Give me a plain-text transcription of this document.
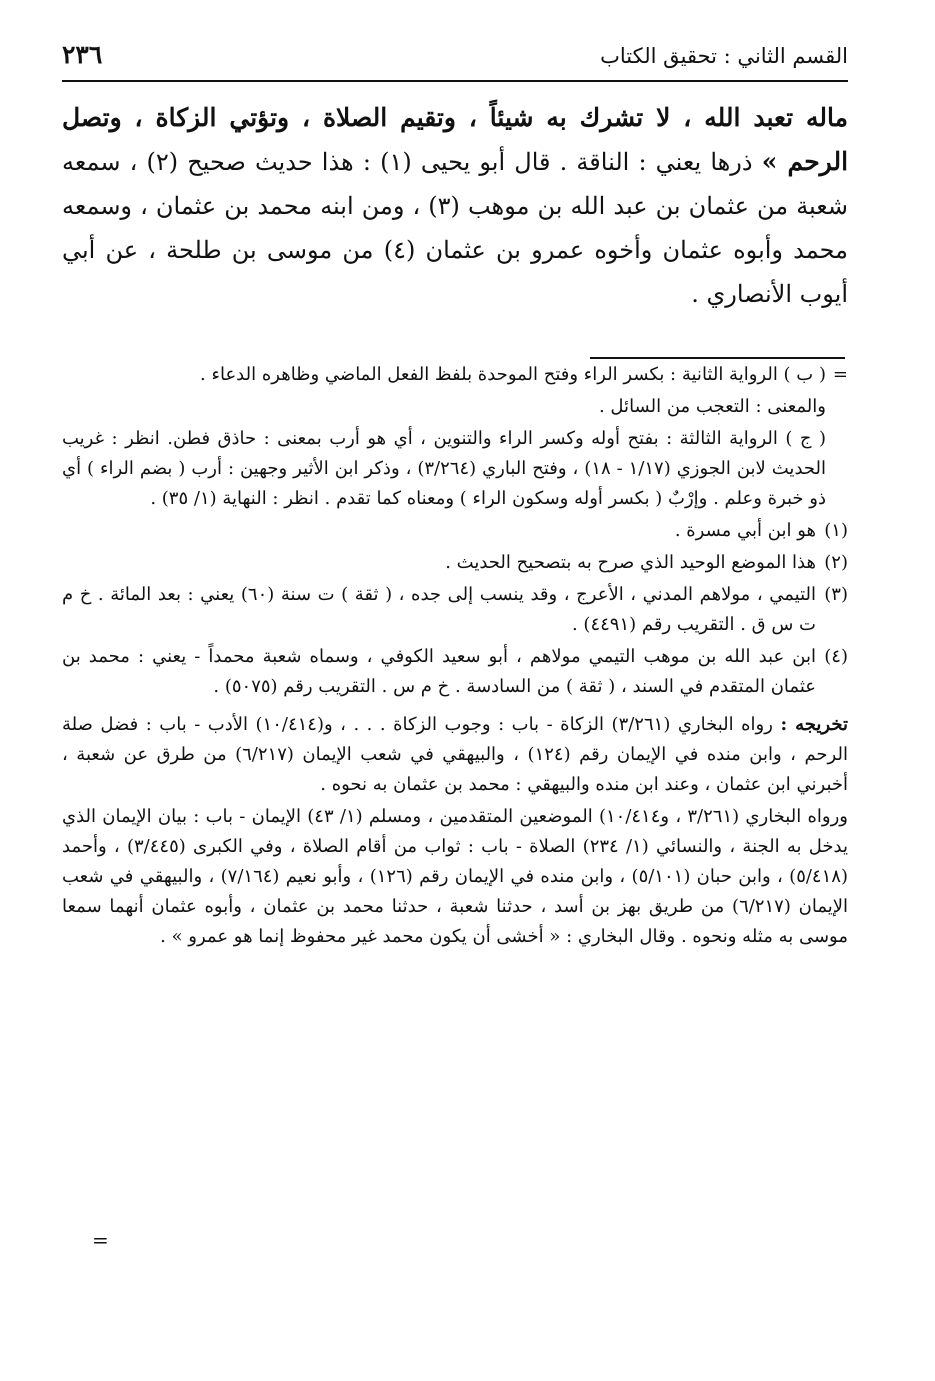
القسم الثاني : تحقيق الكتاب
٢٣٦

ماله تعبد الله ، لا تشرك به شيئاً ، وتقيم الصلاة ، وتؤتي الزكاة ، وتصل الرحم » ذرها يعني : الناقة . قال أبو يحيى (١) : هذا حديث صحيح (٢) ، سمعه شعبة من عثمان بن عبد الله بن موهب (٣) ، ومن ابنه محمد بن عثمان ، وسمعه محمد وأبوه عثمان وأخوه عمرو بن عثمان (٤) من موسى بن طلحة ، عن أبي أيوب الأنصاري .

=
( ب ) الرواية الثانية : بكسر الراء وفتح الموحدة بلفظ الفعل الماضي وظاهره الدعاء .

والمعنى : التعجب من السائل .

( ج ) الرواية الثالثة : بفتح أوله وكسر الراء والتنوين ، أي هو أرب بمعنى : حاذق فطن. انظر : غريب الحديث لابن الجوزي (١/١٧ - ١٨) ، وفتح الباري (٣/٢٦٤) ، وذكر ابن الأثير وجهين : أرب ( بضم الراء ) أي ذو خبرة وعلم . وإرْبٌ ( بكسر أوله وسكون الراء ) ومعناه كما تقدم . انظر : النهاية (١/ ٣٥) .

(١)
هو ابن أبي مسرة .

(٢)
هذا الموضع الوحيد الذي صرح به بتصحيح الحديث .

(٣)
التيمي ، مولاهم المدني ، الأعرج ، وقد ينسب إلى جده ، ( ثقة ) ت سنة (٦٠) يعني : بعد المائة . خ م ت س ق . التقريب رقم (٤٤٩١) .

(٤)
ابن عبد الله بن موهب التيمي مولاهم ، أبو سعيد الكوفي ، وسماه شعبة محمداً - يعني : محمد بن عثمان المتقدم في السند ، ( ثقة ) من السادسة . خ م س . التقريب رقم (٥٠٧٥) .

تخريجه : رواه البخاري (٣/٢٦١) الزكاة - باب : وجوب الزكاة . . . ، و(١٠/٤١٤) الأدب - باب : فضل صلة الرحم ، وابن منده في الإيمان رقم (١٢٤) ، والبيهقي في شعب الإيمان (٦/٢١٧) من طرق عن شعبة ، أخبرني ابن عثمان ، وعند ابن منده والبيهقي : محمد بن عثمان به نحوه .

ورواه البخاري (٣/٢٦١ ، و١٠/٤١٤) الموضعين المتقدمين ، ومسلم (١/ ٤٣) الإيمان - باب : بيان الإيمان الذي يدخل به الجنة ، والنسائي (١/ ٢٣٤) الصلاة - باب : ثواب من أقام الصلاة ، وفي الكبرى (٣/٤٤٥) ، وأحمد (٥/٤١٨) ، وابن حبان (٥/١٠١) ، وابن منده في الإيمان رقم (١٢٦) ، وأبو نعيم (٧/١٦٤) ، والبيهقي في شعب الإيمان (٦/٢١٧) من طريق بهز بن أسد ، حدثنا شعبة ، حدثنا محمد بن عثمان ، وأبوه عثمان أنهما سمعا موسى به مثله ونحوه . وقال البخاري : « أخشى أن يكون محمد غير محفوظ إنما هو عمرو » .

=
